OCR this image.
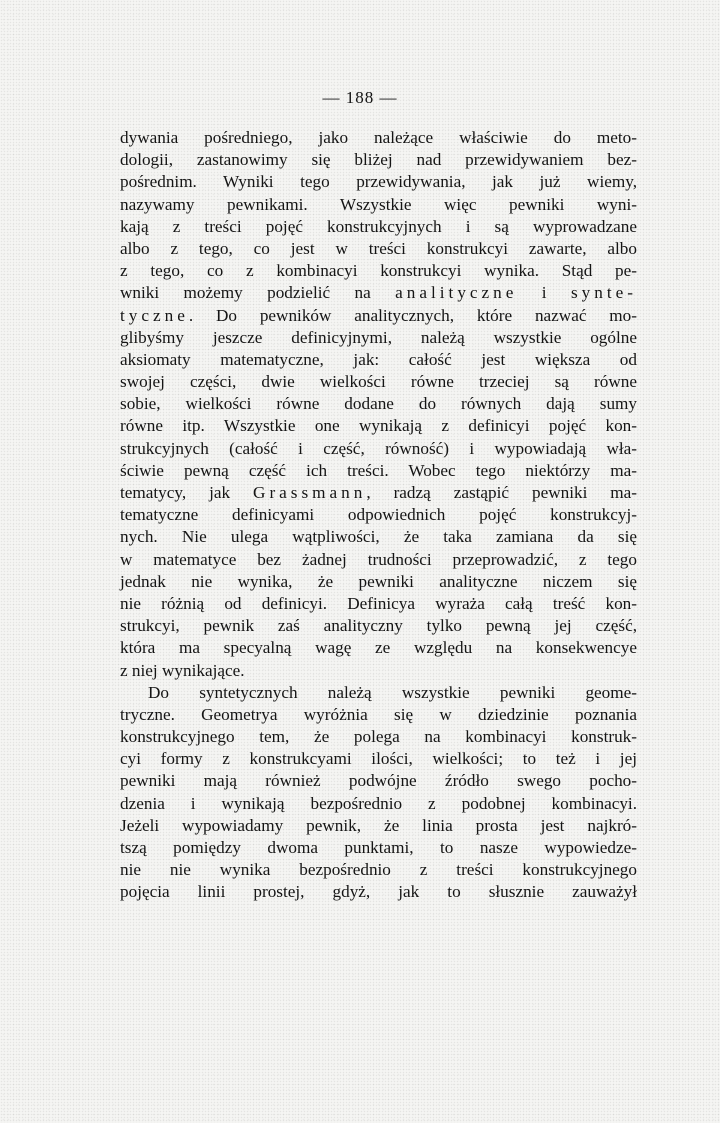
— 188 —
dywania pośredniego, jako należące właściwie do meto-
dologii, zastanowimy się bliżej nad przewidywaniem bez-
pośrednim. Wyniki tego przewidywania, jak już wiemy,
nazywamy pewnikami. Wszystkie więc pewniki wyni-
kają z treści pojęć konstrukcyjnych i są wyprowadzane
albo z tego, co jest w treści konstrukcyi zawarte, albo
z tego, co z kombinacyi konstrukcyi wynika. Stąd pe-
wniki możemy podzielić na analityczne i synte-
tyczne. Do pewników analitycznych, które nazwać mo-
glibyśmy jeszcze definicyjnymi, należą wszystkie ogólne
aksiomaty matematyczne, jak: całość jest większa od
swojej części, dwie wielkości równe trzeciej są równe
sobie, wielkości równe dodane do równych dają sumy
równe itp. Wszystkie one wynikają z definicyi pojęć kon-
strukcyjnych (całość i część, równość) i wypowiadają wła-
ściwie pewną część ich treści. Wobec tego niektórzy ma-
tematycy, jak Grassmann, radzą zastąpić pewniki ma-
tematyczne definicyami odpowiednich pojęć konstrukcyj-
nych. Nie ulega wątpliwości, że taka zamiana da się
w matematyce bez żadnej trudności przeprowadzić, z tego
jednak nie wynika, że pewniki analityczne niczem się
nie różnią od definicyi. Definicya wyraża całą treść kon-
strukcyi, pewnik zaś analityczny tylko pewną jej część,
która ma specyalną wagę ze względu na konsekwencye
z niej wynikające.
Do syntetycznych należą wszystkie pewniki geome-
tryczne. Geometrya wyróżnia się w dziedzinie poznania
konstrukcyjnego tem, że polega na kombinacyi konstruk-
cyi formy z konstrukcyami ilości, wielkości; to też i jej
pewniki mają również podwójne źródło swego pocho-
dzenia i wynikają bezpośrednio z podobnej kombinacyi.
Jeżeli wypowiadamy pewnik, że linia prosta jest najkró-
tszą pomiędzy dwoma punktami, to nasze wypowiedze-
nie nie wynika bezpośrednio z treści konstrukcyjnego
pojęcia linii prostej, gdyż, jak to słusznie zauważył
